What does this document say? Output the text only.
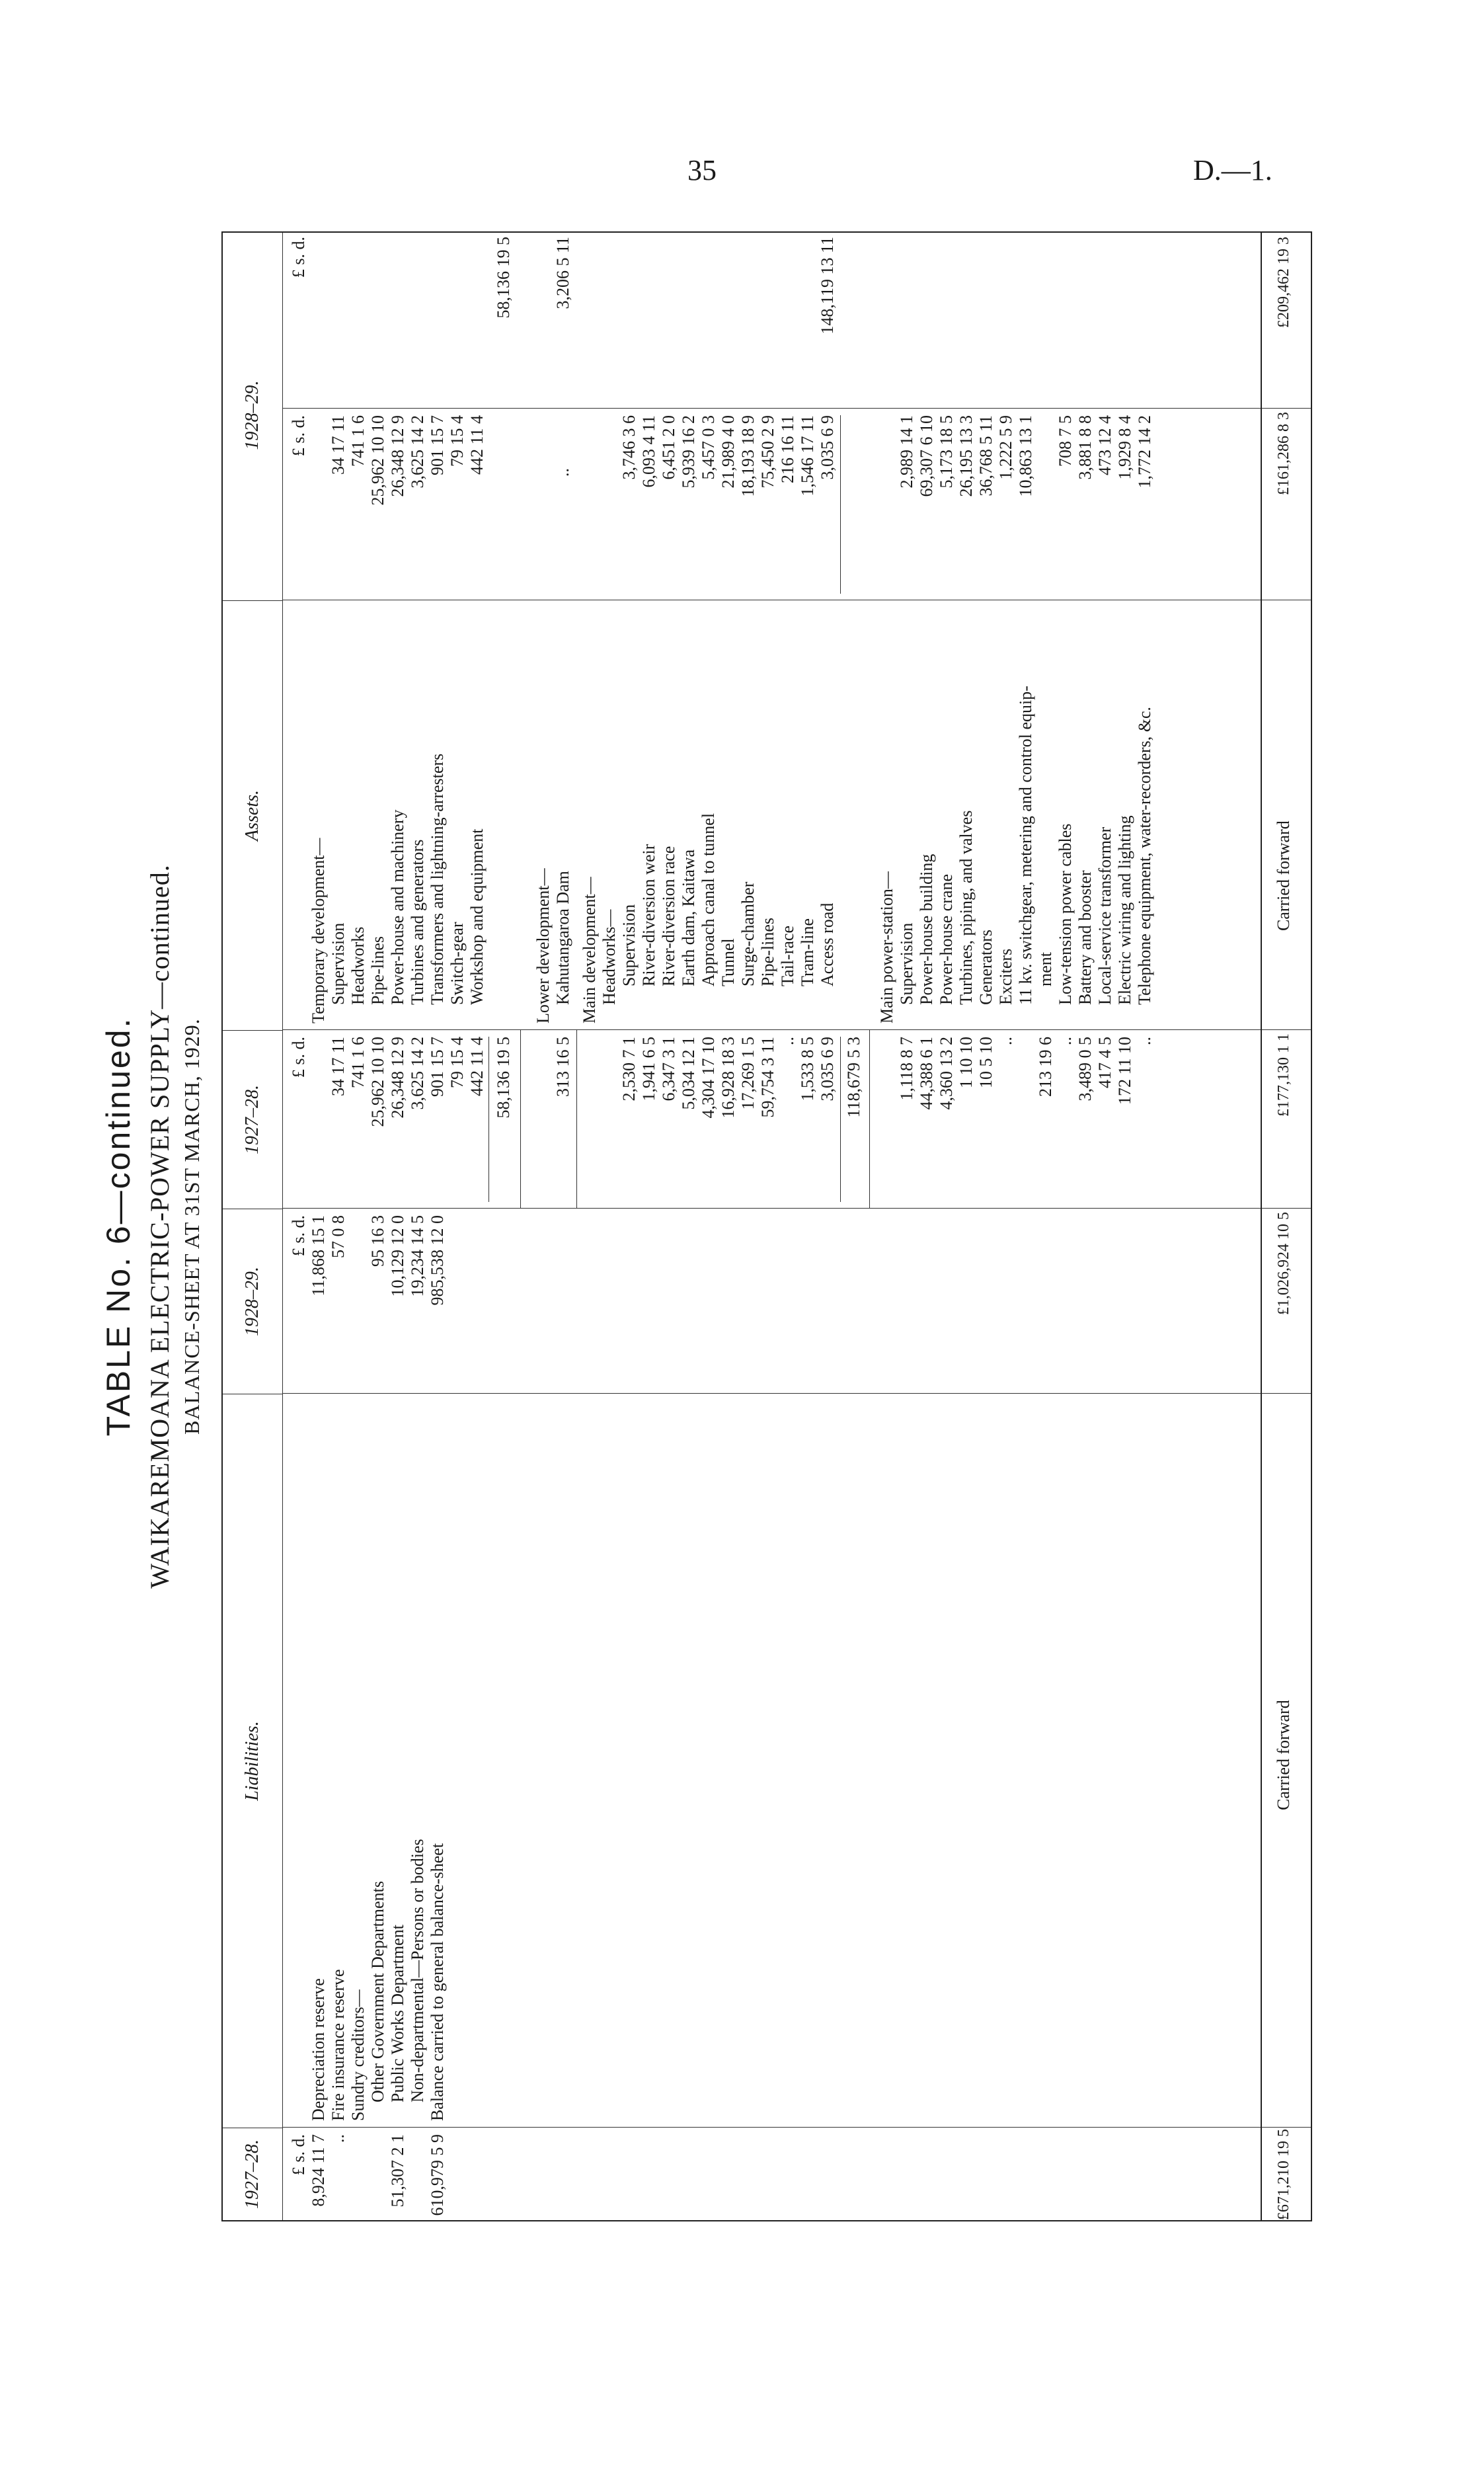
35	D.—1.
TABLE No. 6—continued. WAIKAREMOANA ELECTRIC-POWER SUPPLY—continued. BALANCE-SHEET AT 31ST MARCH, 1929.
1927–28.
Liabilities.
1928–29.
1927–28.
Assets.
1928–29.
£ s. d.
£ s. d.
£ s. d.
£ s. d.
£ s. d.
Depreciation reserve
8,924 11 7
11,868 15 1
Fire insurance reserve
..
57 0 8
Sundry creditors— Other Government Departments
95 16 3
Public Works Department
51,307 2 1
10,129 12 0
Non-departmental—Persons or bodies
19,234 14 5
Balance carried to general balance-sheet
610,979 5 9
985,538 12 0
Temporary development— Supervision
34 17 11
34 17 11
Headworks
741 1 6
741 1 6
Pipe-lines
25,962 10 10
25,962 10 10
Power-house and machinery
26,348 12 9
26,348 12 9
Turbines and generators
3,625 14 2
3,625 14 2
Transformers and lightning-arresters
901 15 7
901 15 7
Switch-gear
79 15 4
79 15 4
Workshop and equipment
442 11 4
442 11 4
58,136 19 5
58,136 19 5
Lower development— Kahutangaroa Dam
313 16 5
..
3,206 5 11
Main development— Headworks— Supervision
2,530 7 1
3,746 3 6
River-diversion weir
1,941 6 5
6,093 4 11
River-diversion race
6,347 3 1
6,451 2 0
Earth dam, Kaitawa
5,034 12 1
5,939 16 2
Approach canal to tunnel
4,304 17 10
5,457 0 3
Tunnel
16,928 18 3
21,989 4 0
Surge-chamber
17,269 1 5
18,193 18 9
Pipe-lines
59,754 3 11
75,450 2 9
Tail-race
..
216 16 11
Tram-line
1,533 8 5
1,546 17 11
Access road
3,035 6 9
3,035 6 9
118,679 5 3
148,119 13 11
Main power-station— Supervision
1,118 8 7
2,989 14 1
Power-house building
44,388 6 1
69,307 6 10
Power-house crane
4,360 13 2
5,173 18 5
Turbines, piping, and valves
1 10 10
26,195 13 3
Generators
10 5 10
36,768 5 11
Exciters
..
1,222 5 9
11 kv. switchgear, metering and control equip- ment
213 19 6
10,863 13 1
Low-tension power cables
..
708 7 5
Battery and booster
3,489 0 5
3,881 8 8
Local-service transformer
417 4 5
473 12 4
Electric wiring and lighting
172 11 10
1,929 8 4
Telephone equipment, water-recorders, &c.
..
1,772 14 2
£671,210 19 5
Carried forward
£1,026,924 10 5
£177,130 1 1
Carried forward
£161,286 8 3
£209,462 19 3
